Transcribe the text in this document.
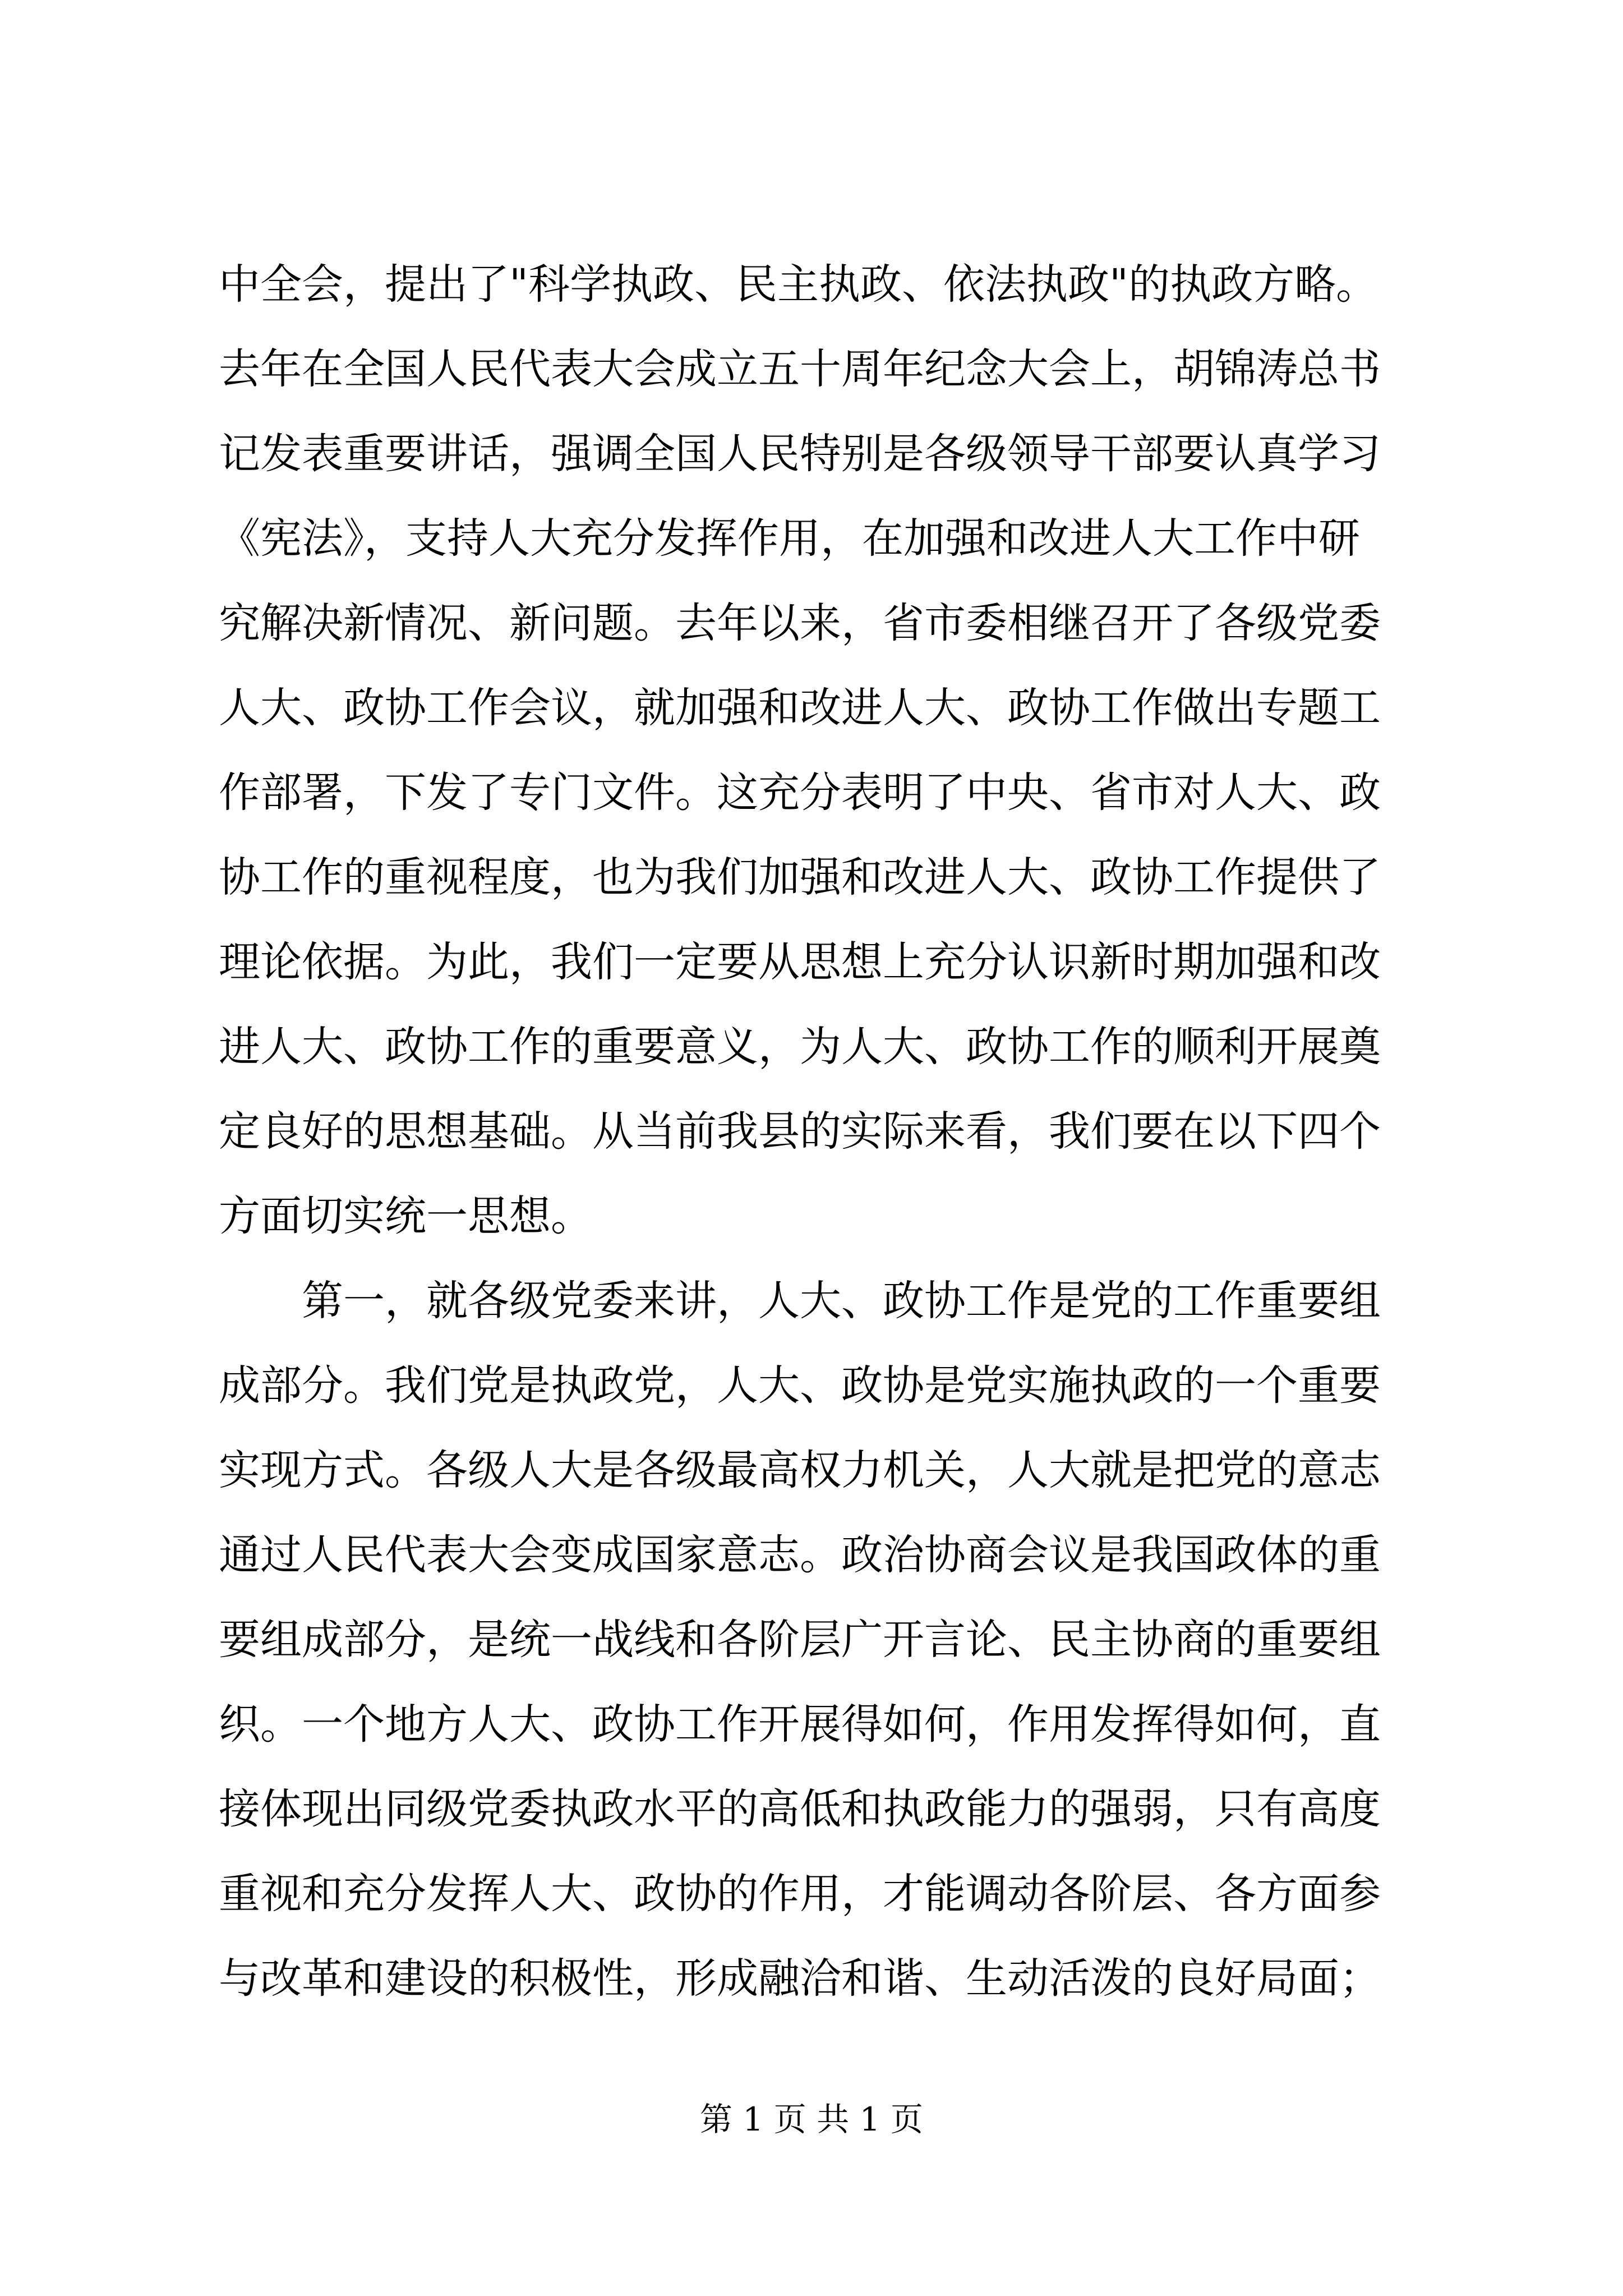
中全会，提出了"科学执政、民主执政、依法执政"的执政方略。
去年在全国人民代表大会成立五十周年纪念大会上，胡锦涛总书
记发表重要讲话，强调全国人民特别是各级领导干部要认真学习
《宪法》，支持人大充分发挥作用，在加强和改进人大工作中研
究解决新情况、新问题。去年以来，省市委相继召开了各级党委
人大、政协工作会议，就加强和改进人大、政协工作做出专题工
作部署，下发了专门文件。这充分表明了中央、省市对人大、政
协工作的重视程度，也为我们加强和改进人大、政协工作提供了
理论依据。为此，我们一定要从思想上充分认识新时期加强和改
进人大、政协工作的重要意义，为人大、政协工作的顺利开展奠
定良好的思想基础。从当前我县的实际来看，我们要在以下四个
方面切实统一思想。
　　第一，就各级党委来讲，人大、政协工作是党的工作重要组
成部分。我们党是执政党，人大、政协是党实施执政的一个重要
实现方式。各级人大是各级最高权力机关，人大就是把党的意志
通过人民代表大会变成国家意志。政治协商会议是我国政体的重
要组成部分，是统一战线和各阶层广开言论、民主协商的重要组
织。一个地方人大、政协工作开展得如何，作用发挥得如何，直
接体现出同级党委执政水平的高低和执政能力的强弱，只有高度
重视和充分发挥人大、政协的作用，才能调动各阶层、各方面参
与改革和建设的积极性，形成融洽和谐、生动活泼的良好局面；
第 1 页 共 1 页
